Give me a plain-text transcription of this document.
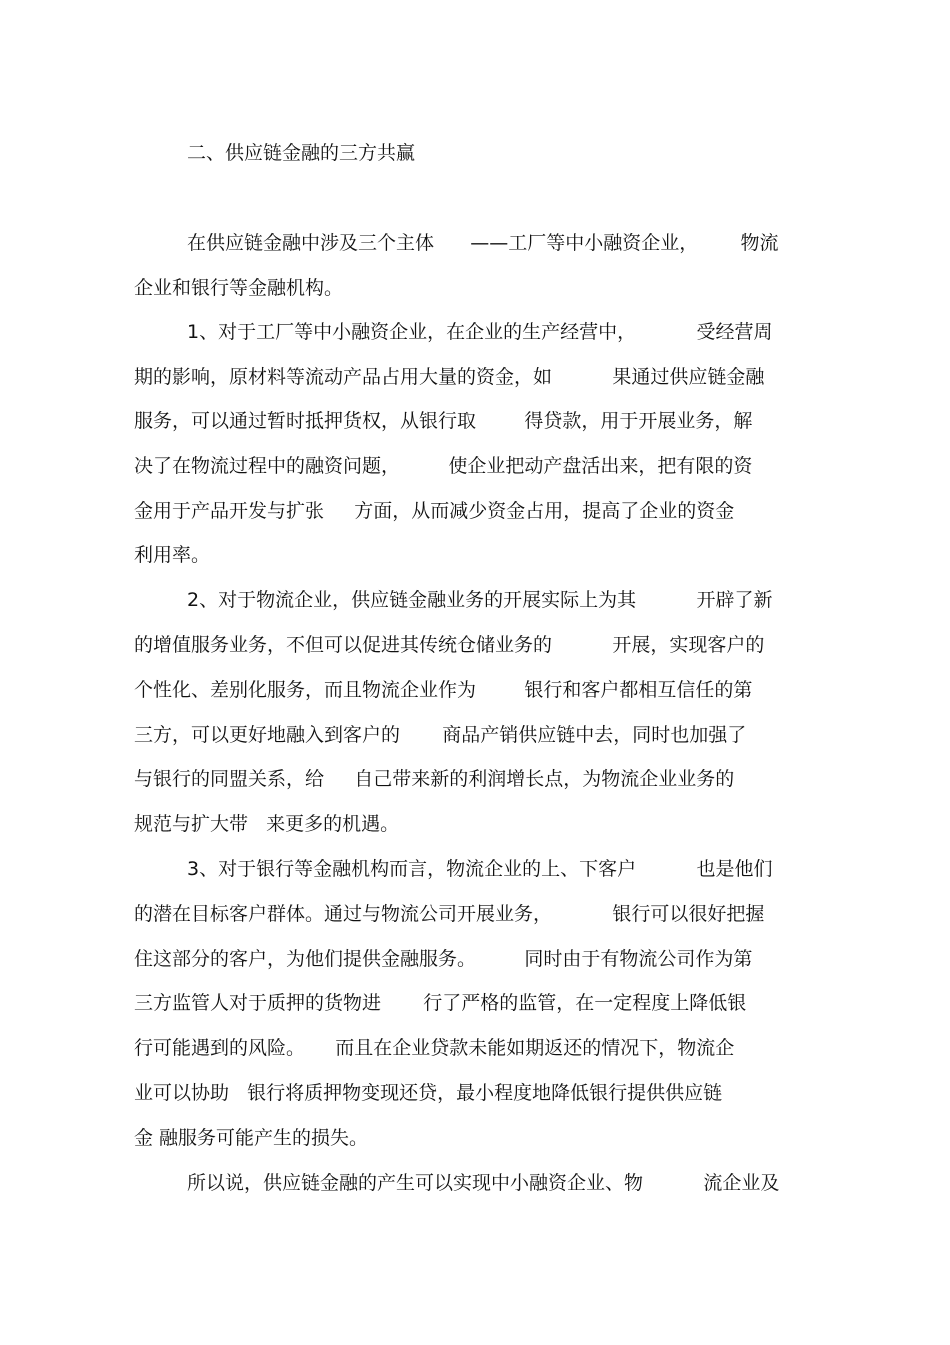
二、供应链金融的三方共赢
在供应链金融中涉及三个主体      ——工厂等中小融资企业，       物流
企业和银行等金融机构。
1、对于工厂等中小融资企业，在企业的生产经营中，          受经营周
期的影响，原材料等流动产品占用大量的资金，如          果通过供应链金融
服务，可以通过暂时抵押货权，从银行取        得贷款，用于开展业务，解
决了在物流过程中的融资问题，        使企业把动产盘活出来，把有限的资
金用于产品开发与扩张     方面，从而减少资金占用，提高了企业的资金
利用率。
2、对于物流企业，供应链金融业务的开展实际上为其          开辟了新
的增值服务业务，不但可以促进其传统仓储业务的          开展，实现客户的
个性化、差别化服务，而且物流企业作为        银行和客户都相互信任的第
三方，可以更好地融入到客户的       商品产销供应链中去，同时也加强了
与银行的同盟关系，给     自己带来新的利润增长点，为物流企业业务的
规范与扩大带   来更多的机遇。
3、对于银行等金融机构而言，物流企业的上、下客户          也是他们
的潜在目标客户群体。通过与物流公司开展业务，          银行可以很好把握
住这部分的客户，为他们提供金融服务。        同时由于有物流公司作为第
三方监管人对于质押的货物进       行了严格的监管，在一定程度上降低银
行可能遇到的风险。     而且在企业贷款未能如期返还的情况下，物流企
业可以协助   银行将质押物变现还贷，最小程度地降低银行提供供应链
金 融服务可能产生的损失。
所以说，供应链金融的产生可以实现中小融资企业、物          流企业及
